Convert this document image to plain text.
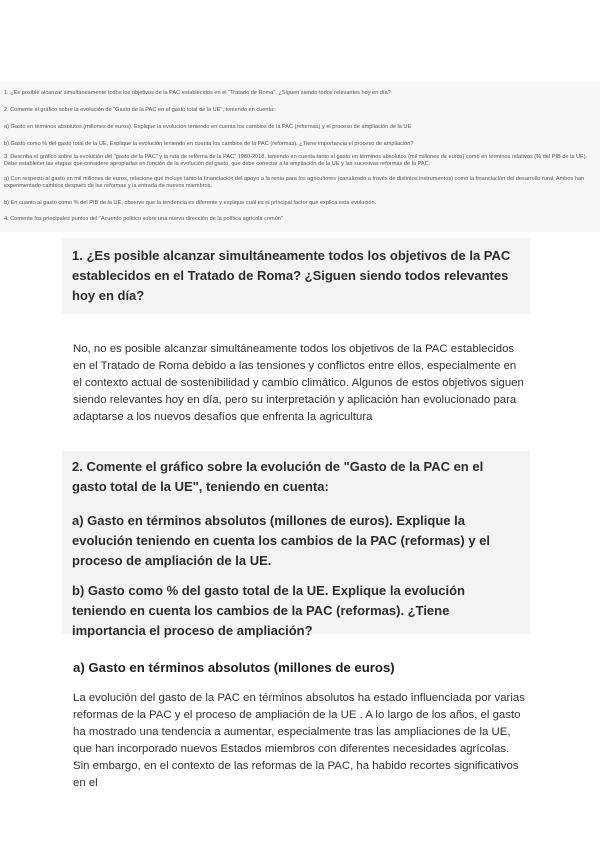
1. ¿Es posible alcanzar simultáneamente todos los objetivos de la PAC establecidos en el "Tratado de Roma". ¿Siguen siendo todos relevantes hoy en día?
2. Comente el gráfico sobre la evolución de "Gasto de la PAC en el gasto total de la UE", teniendo en cuenta:
a) Gasto en términos absolutos (millones de euros). Explique la evolución teniendo en cuenta los cambios de la PAC (reformas) y el proceso de ampliación de la UE
b) Gasto como % del gasto total de la UE. Explique la evolución teniendo en cuenta los cambios de la PAC (reformas). ¿Tiene importancia el proceso de ampliación?
3. Describa el gráfico sobre la evolución del "gasto de la PAC" y la ruta de reforma de la PAC" 1980-2018, teniendo en cuenta tanto el gasto en términos absolutos (mil millones de euros) como en términos relativos (% del PIB de la UE). Debe establecer las etapas que considere apropiadas en función de la evolución del gasto, que debe conectar a la ampliación de la UE y las sucesivas reformas de la PAC.
a) Con respecto al gasto en mil millones de euros, relacione qué incluye tanto la financiación del apoyo a la renta para los agricultores (canalizado a través de distintos instrumentos) como la financiación del desarrollo rural. Ambos han experimentado cambios después de las reformas y la entrada de nuevos miembros.
b) En cuanto al gasto como % del PIB de la UE, observe que la tendencia es diferente y explique cuál es el principal factor que explica esta evolución.
4. Comente los principales puntos del "Acuerdo político sobre una nueva dirección de la política agrícola común"

1. ¿Es posible alcanzar simultáneamente todos los objetivos de la PAC establecidos en el Tratado de Roma? ¿Siguen siendo todos relevantes hoy en día?

No, no es posible alcanzar simultáneamente todos los objetivos de la PAC establecidos en el Tratado de Roma debido a las tensiones y conflictos entre ellos, especialmente en el contexto actual de sostenibilidad y cambio climático. Algunos de estos objetivos siguen siendo relevantes hoy en día, pero su interpretación y aplicación han evolucionado para adaptarse a los nuevos desafíos que enfrenta la agricultura

2. Comente el gráfico sobre la evolución de "Gasto de la PAC en el gasto total de la UE", teniendo en cuenta:

a) Gasto en términos absolutos (millones de euros). Explique la evolución teniendo en cuenta los cambios de la PAC (reformas) y el proceso de ampliación de la UE.

b) Gasto como % del gasto total de la UE. Explique la evolución teniendo en cuenta los cambios de la PAC (reformas). ¿Tiene importancia el proceso de ampliación?

a) Gasto en términos absolutos (millones de euros)

La evolución del gasto de la PAC en términos absolutos ha estado influenciada por varias reformas de la PAC y el proceso de ampliación de la UE . A lo largo de los años, el gasto ha mostrado una tendencia a aumentar, especialmente tras las ampliaciones de la UE, que han incorporado nuevos Estados miembros con diferentes necesidades agrícolas. Sin embargo, en el contexto de las reformas de la PAC, ha habido recortes significativos en el
